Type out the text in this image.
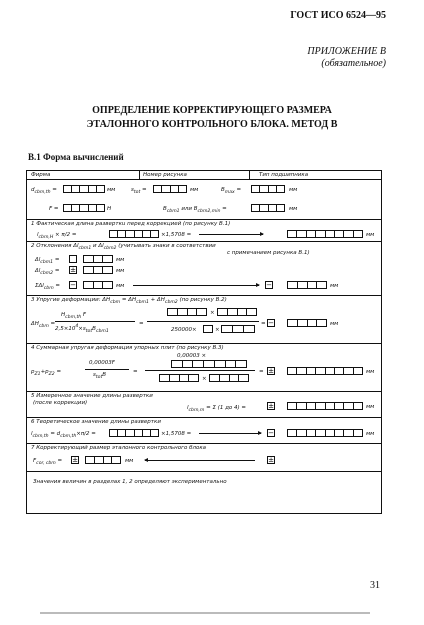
ГОСТ ИСО 6524—95
ПРИЛОЖЕНИЕ В
(обязательное)
ОПРЕДЕЛЕНИЕ КОРРЕКТИРУЮЩЕГО РАЗМЕРА
ЭТАЛОННОГО КОНТРОЛЬНОГО БЛОКА. МЕТОД В
В.1 Форма вычислений
Фирма	Номер рисунка	Тип подшипника
$d_{cbm,th}$ =	мм	$s_{tot}$ =	мм	$B_{max}$ =	мм
F =	Н	$B_{cbm1}$ или $B_{cbm2,min}$ =	мм
1 Фактическая длина разверткu перед коррекцией (по рисунку В.1)
$l_{cbm,H} \times \pi/2$ =	×1,5708 =	мм
2 Отклонения $\Delta l_{cbm1}$ и $\Delta l_{cbm2}$ (учитывать знаки в соответствии
с примечанием рисунка В.1)
$\Delta l_{cbm1}$ =	мм
$\Delta l_{cbm2}$ = ±	мм
ΣΔl$_{cbm}$ = −	мм	−	мм
3 Упругие деформации: $\Delta H_{cbm} = \Delta H_{cbm1} + \Delta H_{cbm2}$ (по рисунку В.2)
$\Delta H_{cbm}$ =
$H_{cbm,th}$ F
$2,5\times 10^4\times s_{tot}B_{cbm1}$
=
×
250000×	×
= −	мм
4 Суммарная упругая деформация упорных плит (по рисунку В.3)
$p_{Z1}+p_{Z2}$ =
0,00003F
$s_{tot}B$	=
0,00003 ×
×
= ±	мм
5 Измеренное значение длины развертки
(после коррекции)
$l_{cbm,m} = \Sigma$ (1 до 4) =	±	мм
6 Теоретическое значение длины развертки
$l_{cbm,th} = d_{cbm,th}\times\pi/2$ =	×1,5708 =	−	мм
7 Корректирующий размер эталонного контрольного блока
$F_{cor, cbm}$ = ±	мм	±
Значения величин в разделах 1, 2 определяют экспериментально
31
